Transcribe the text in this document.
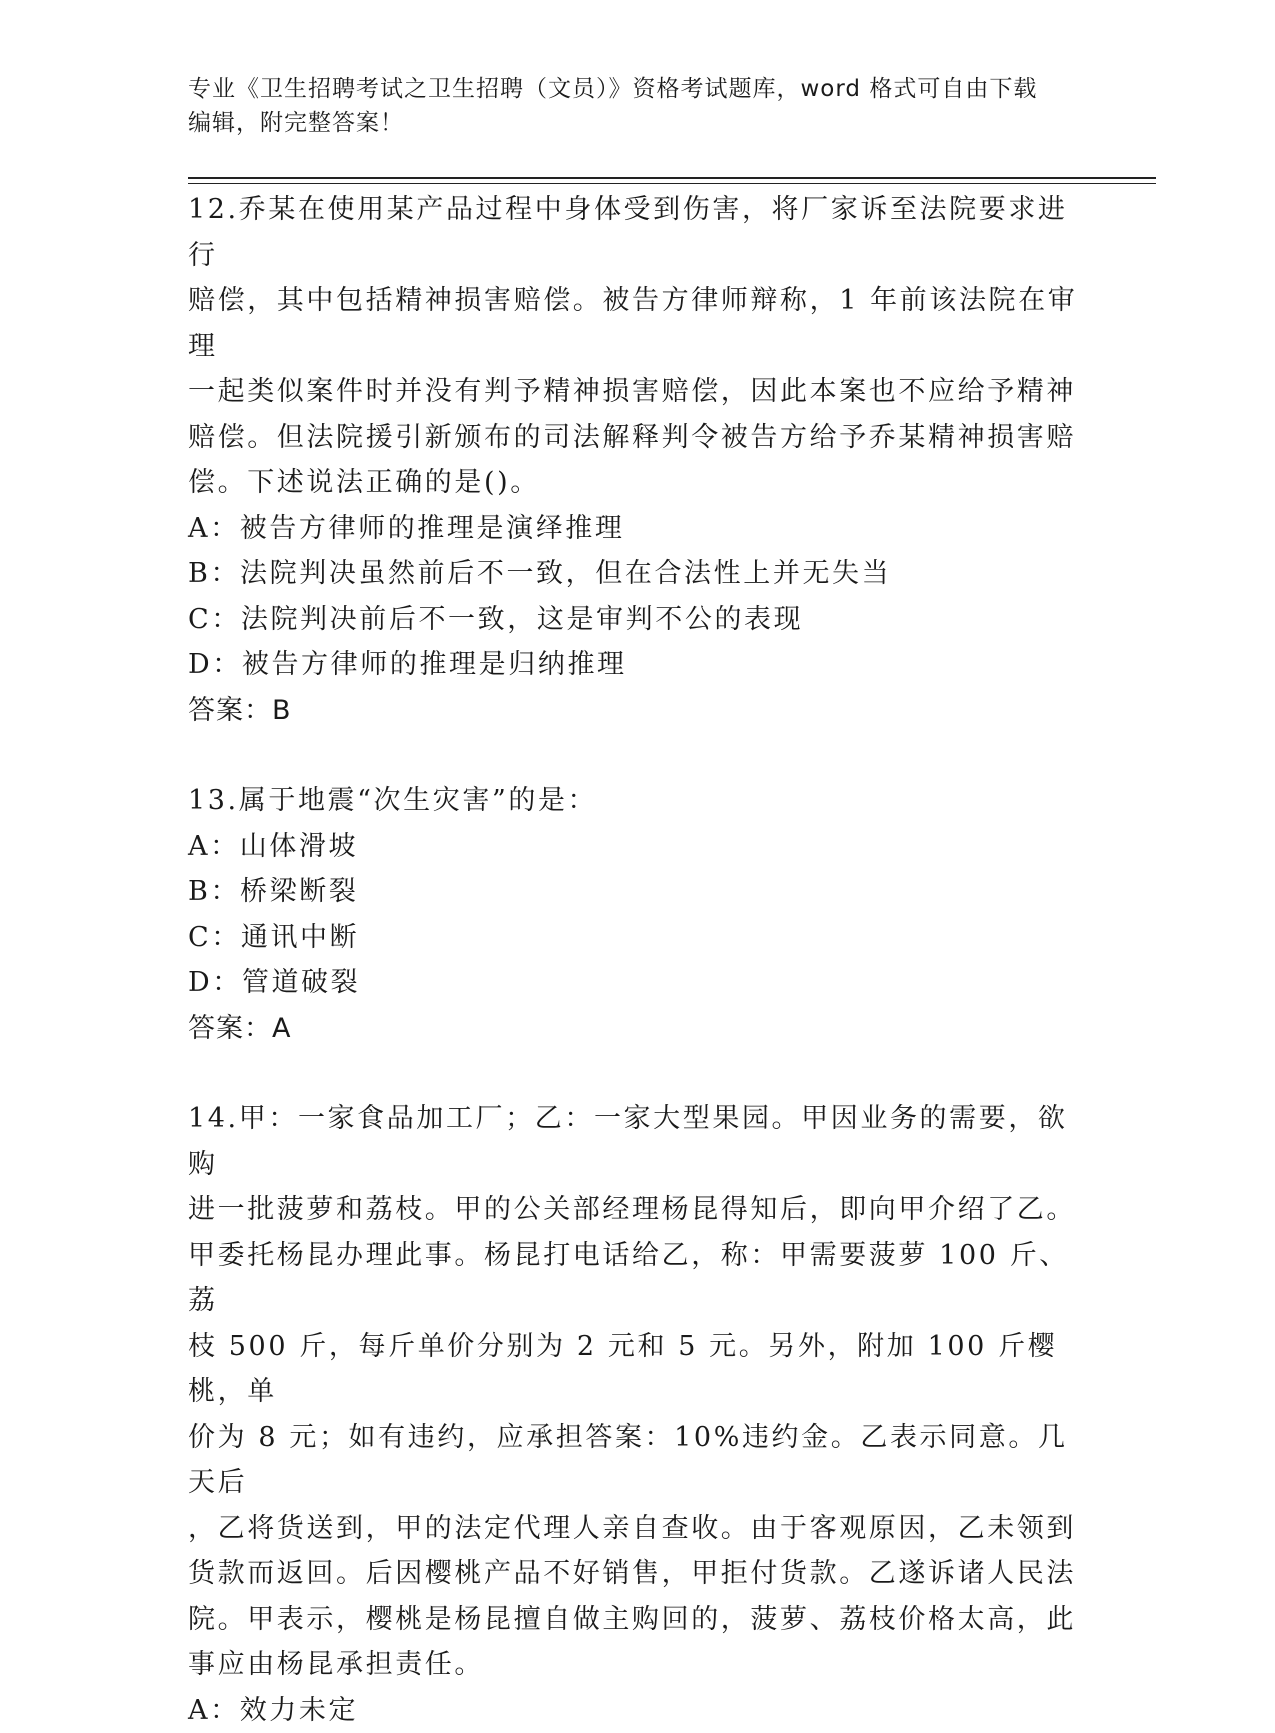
专业《卫生招聘考试之卫生招聘（文员）》资格考试题库，word 格式可自由下载
编辑，附完整答案！

12.乔某在使用某产品过程中身体受到伤害，将厂家诉至法院要求进行

赔偿，其中包括精神损害赔偿。被告方律师辩称，1 年前该法院在审理

一起类似案件时并没有判予精神损害赔偿，因此本案也不应给予精神

赔偿。但法院援引新颁布的司法解释判令被告方给予乔某精神损害赔

偿。下述说法正确的是()。

A：被告方律师的推理是演绎推理

B：法院判决虽然前后不一致，但在合法性上并无失当

C：法院判决前后不一致，这是审判不公的表现

D：被告方律师的推理是归纳推理

答案：B

13.属于地震“次生灾害”的是：

A：山体滑坡

B：桥梁断裂

C：通讯中断

D：管道破裂

答案：A

14.甲：一家食品加工厂；乙：一家大型果园。甲因业务的需要，欲购

进一批菠萝和荔枝。甲的公关部经理杨昆得知后，即向甲介绍了乙。

甲委托杨昆办理此事。杨昆打电话给乙，称：甲需要菠萝 100 斤、荔

枝 500 斤，每斤单价分别为 2 元和 5 元。另外，附加 100 斤樱桃，单

价为 8 元；如有违约，应承担答案：10%违约金。乙表示同意。几天后

，乙将货送到，甲的法定代理人亲自查收。由于客观原因，乙未领到

货款而返回。后因樱桃产品不好销售，甲拒付货款。乙遂诉诸人民法

院。甲表示，樱桃是杨昆擅自做主购回的，菠萝、荔枝价格太高，此

事应由杨昆承担责任。

A：效力未定
